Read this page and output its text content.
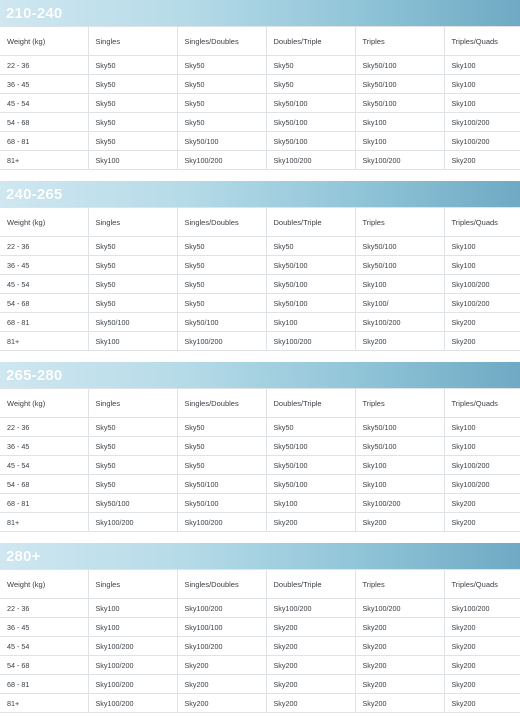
210-240
Weight (kg)	Singles	Singles/Doubles	Doubles/Triple	Triples	Triples/Quads
22 - 36	Sky50	Sky50	Sky50	Sky50/100	Sky100
36 - 45	Sky50	Sky50	Sky50	Sky50/100	Sky100
45 - 54	Sky50	Sky50	Sky50/100	Sky50/100	Sky100
54 - 68	Sky50	Sky50	Sky50/100	Sky100	Sky100/200
68 - 81	Sky50	Sky50/100	Sky50/100	Sky100	Sky100/200
81+	Sky100	Sky100/200	Sky100/200	Sky100/200	Sky200
240-265
Weight (kg)	Singles	Singles/Doubles	Doubles/Triple	Triples	Triples/Quads
22 - 36	Sky50	Sky50	Sky50	Sky50/100	Sky100
36 - 45	Sky50	Sky50	Sky50/100	Sky50/100	Sky100
45 - 54	Sky50	Sky50	Sky50/100	Sky100	Sky100/200
54 - 68	Sky50	Sky50	Sky50/100	Sky100/	Sky100/200
68 - 81	Sky50/100	Sky50/100	Sky100	Sky100/200	Sky200
81+	Sky100	Sky100/200	Sky100/200	Sky200	Sky200
265-280
Weight (kg)	Singles	Singles/Doubles	Doubles/Triple	Triples	Triples/Quads
22 - 36	Sky50	Sky50	Sky50	Sky50/100	Sky100
36 - 45	Sky50	Sky50	Sky50/100	Sky50/100	Sky100
45 - 54	Sky50	Sky50	Sky50/100	Sky100	Sky100/200
54 - 68	Sky50	Sky50/100	Sky50/100	Sky100	Sky100/200
68 - 81	Sky50/100	Sky50/100	Sky100	Sky100/200	Sky200
81+	Sky100/200	Sky100/200	Sky200	Sky200	Sky200
280+
Weight (kg)	Singles	Singles/Doubles	Doubles/Triple	Triples	Triples/Quads
22 - 36	Sky100	Sky100/200	Sky100/200	Sky100/200	Sky100/200
36 - 45	Sky100	Sky100/100	Sky200	Sky200	Sky200
45 - 54	Sky100/200	Sky100/200	Sky200	Sky200	Sky200
54 - 68	Sky100/200	Sky200	Sky200	Sky200	Sky200
68 - 81	Sky100/200	Sky200	Sky200	Sky200	Sky200
81+	Sky100/200	Sky200	Sky200	Sky200	Sky200
